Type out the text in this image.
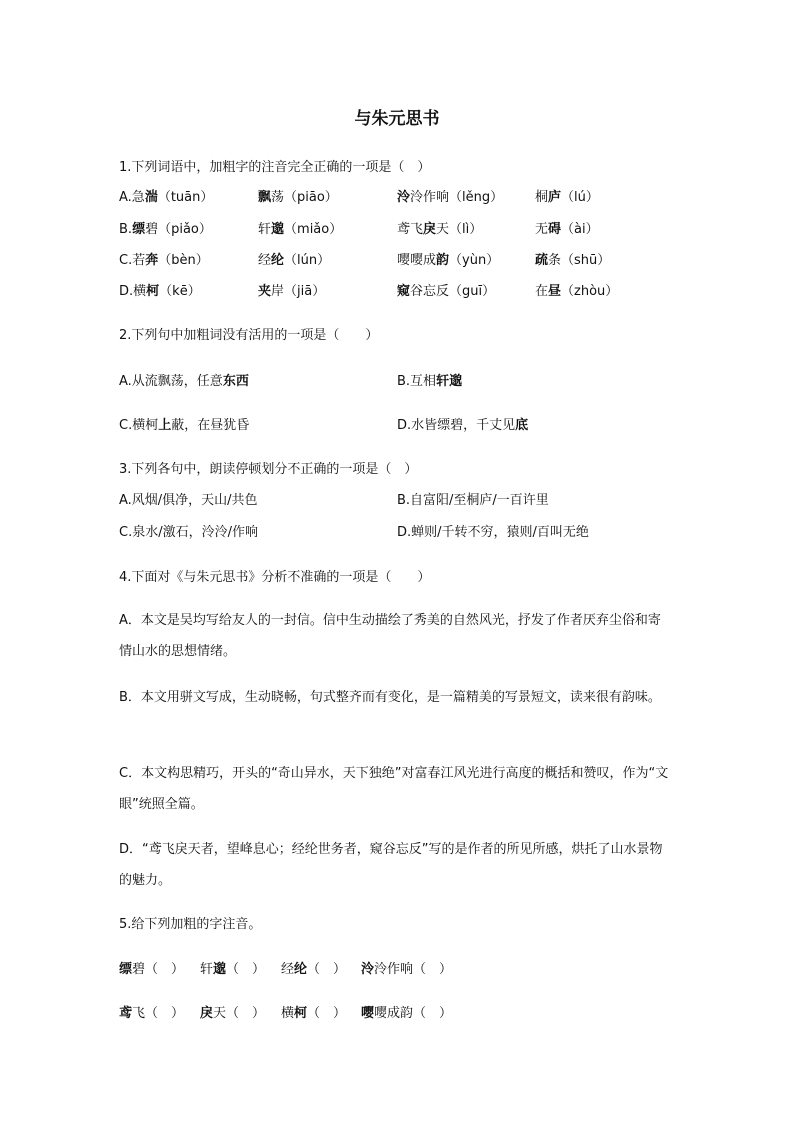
与朱元思书
1.下列词语中，加粗字的注音完全正确的一项是（　）
A.急湍（tuān）	飘荡（piāo）	泠泠作响（lěng） 桐庐（lú）
B.缥碧（piǎo）	轩邈（miǎo）	鸢飞戾天（lì）	无碍（ài）
C.若奔（bèn）	经纶（lún）	嘤嘤成韵（yùn）	疏条（shū）
D.横柯（kē）	夹岸（jiā）	窥谷忘反（guī）	在昼（zhòu）
2.下列句中加粗词没有活用的一项是（　　）
A.从流飘荡，任意东西	B.互相轩邈
C.横柯上蔽，在昼犹昏	D.水皆缥碧，千丈见底
3.下列各句中，朗读停顿划分不正确的一项是（　）
A.风烟/俱净，天山/共色	B.自富阳/至桐庐/一百许里
C.泉水/激石，泠泠/作响	D.蝉则/千转不穷，猿则/百叫无绝
4.下面对《与朱元思书》分析不准确的一项是（　　）
A．本文是吴均写给友人的一封信。信中生动描绘了秀美的自然风光，抒发了作者厌弃尘俗和寄情山水的思想情绪。
B．本文用骈文写成，生动晓畅，句式整齐而有变化，是一篇精美的写景短文，读来很有韵味。
C．本文构思精巧，开头的“奇山异水，天下独绝”对富春江风光进行高度的概括和赞叹，作为“文眼”统照全篇。
D．“鸢飞戾天者，望峰息心；经纶世务者，窥谷忘反”写的是作者的所见所感，烘托了山水景物的魅力。
5.给下列加粗的字注音。
缥碧（　） 轩邈（　） 经纶（　） 泠泠作响（　）
鸢飞（　） 戾天（　） 横柯（　） 嘤嘤成韵（　）
